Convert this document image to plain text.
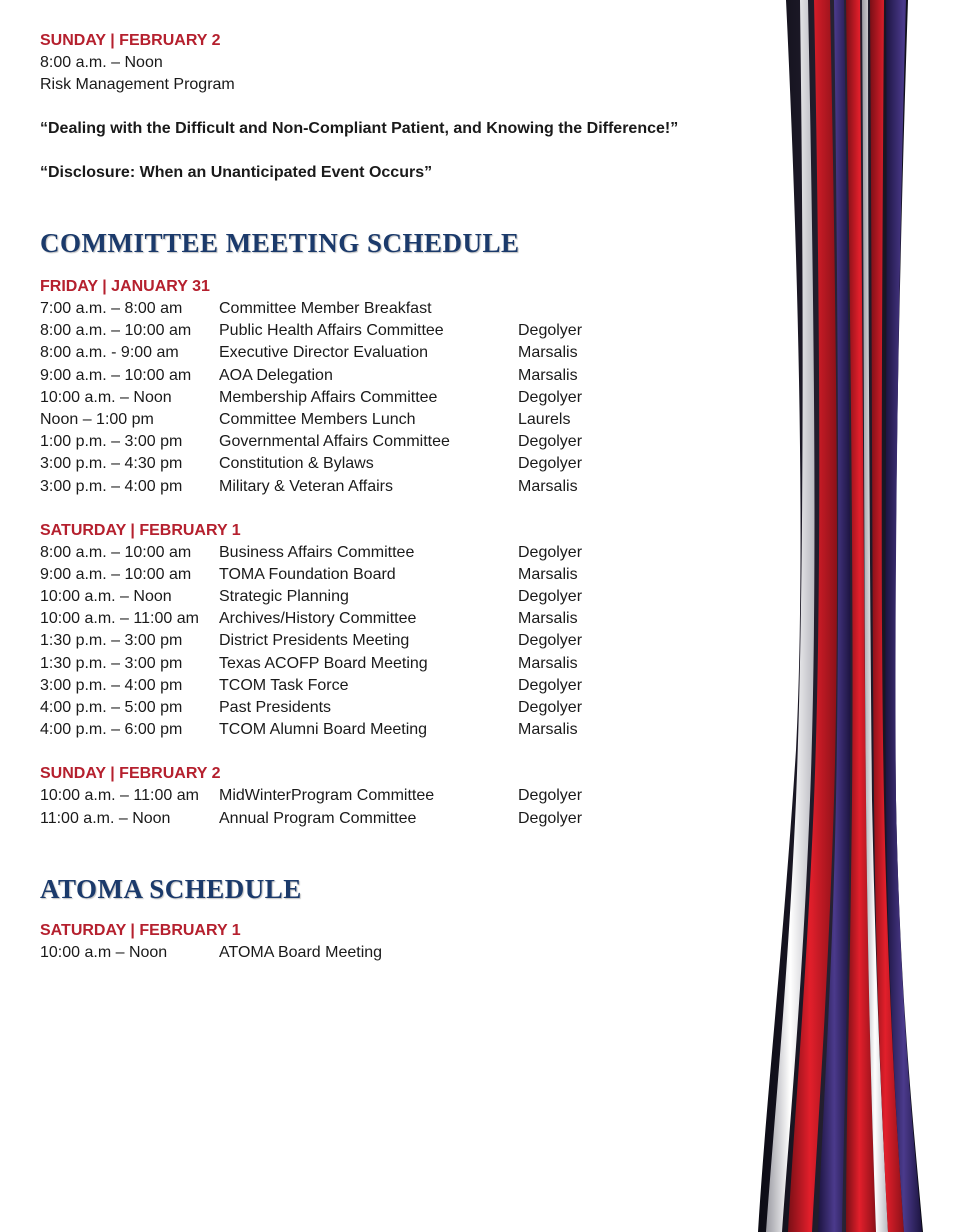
SUNDAY | FEBRUARY 2
8:00 a.m. – Noon
Risk Management Program
“Dealing with the Difficult and Non-Compliant Patient, and Knowing the Difference!”
“Disclosure: When an Unanticipated Event Occurs”
COMMITTEE MEETING SCHEDULE
FRIDAY | JANUARY 31
7:00 a.m. – 8:00 am Committee Member Breakfast
8:00 a.m. – 10:00 am Public Health Affairs Committee	Degolyer
8:00 a.m. - 9:00 am	Executive Director Evaluation	Marsalis
9:00 a.m. – 10:00 am AOA Delegation	Marsalis
10:00 a.m. – Noon	Membership Affairs Committee	Degolyer
Noon – 1:00 pm	Committee Members Lunch	Laurels
1:00 p.m. – 3:00 pm Governmental Affairs Committee	Degolyer
3:00 p.m. – 4:30 pm Constitution & Bylaws	Degolyer
3:00 p.m. – 4:00 pm Military & Veteran Affairs	Marsalis
SATURDAY | FEBRUARY 1
8:00 a.m. – 10:00 am Business Affairs Committee	Degolyer
9:00 a.m. – 10:00 am TOMA Foundation Board	Marsalis
10:00 a.m. – Noon	Strategic Planning	Degolyer
10:00 a.m. – 11:00 am Archives/History Committee	Marsalis
1:30 p.m. – 3:00 pm District Presidents Meeting	Degolyer
1:30 p.m. – 3:00 pm Texas ACOFP Board Meeting	Marsalis
3:00 p.m. – 4:00 pm TCOM Task Force	Degolyer
4:00 p.m. – 5:00 pm Past Presidents	Degolyer
4:00 p.m. – 6:00 pm TCOM Alumni Board Meeting	Marsalis
SUNDAY | FEBRUARY 2
10:00 a.m. – 11:00 am MidWinterProgram Committee	Degolyer
11:00 a.m. – Noon	Annual Program Committee	Degolyer
ATOMA SCHEDULE
SATURDAY | FEBRUARY 1
10:00 a.m – Noon	ATOMA Board Meeting
